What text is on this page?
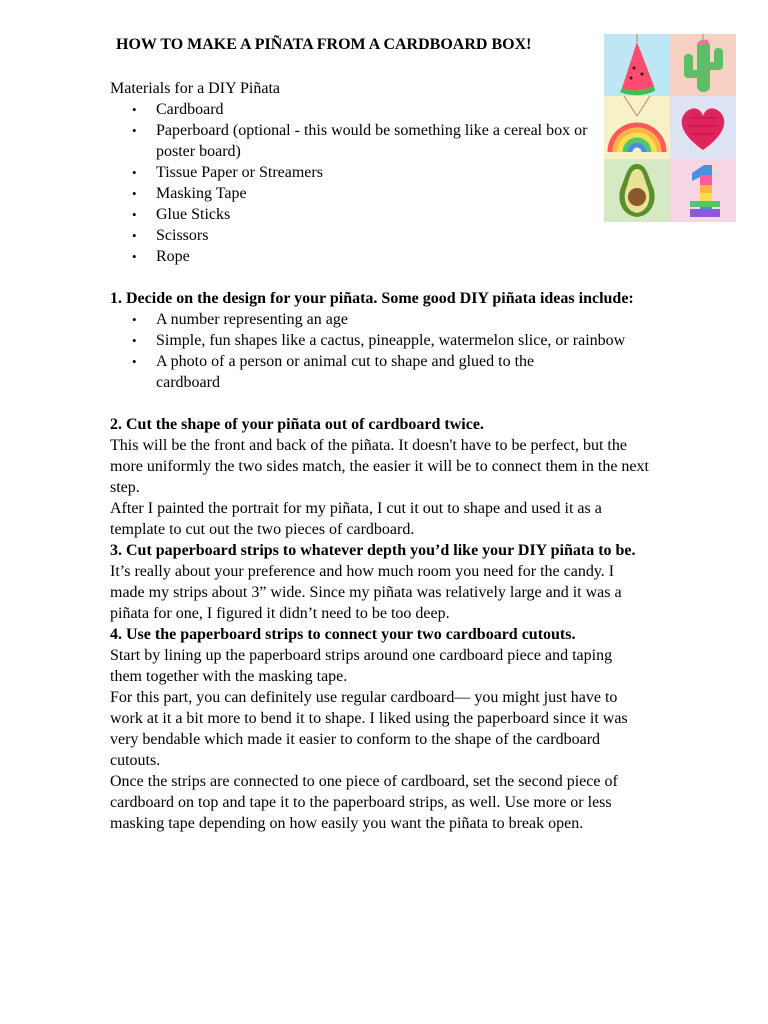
HOW TO MAKE A PIÑATA FROM A CARDBOARD BOX!

Materials for a DIY Piñata

• Cardboard
• Paperboard (optional - this would be something like a cereal box or poster board)
• Tissue Paper or Streamers
• Masking Tape
• Glue Sticks
• Scissors
• Rope

1. Decide on the design for your piñata. Some good DIY piñata ideas include:

• A number representing an age
• Simple, fun shapes like a cactus, pineapple, watermelon slice, or rainbow
• A photo of a person or animal cut to shape and glued to the cardboard

2. Cut the shape of your piñata out of cardboard twice.

This will be the front and back of the piñata. It doesn't have to be perfect, but the more uniformly the two sides match, the easier it will be to connect them in the next step.

After I painted the portrait for my piñata, I cut it out to shape and used it as a template to cut out the two pieces of cardboard.

3. Cut paperboard strips to whatever depth you’d like your DIY piñata to be.

It’s really about your preference and how much room you need for the candy. I made my strips about 3” wide. Since my piñata was relatively large and it was a piñata for one, I figured it didn’t need to be too deep.

4. Use the paperboard strips to connect your two cardboard cutouts.

Start by lining up the paperboard strips around one cardboard piece and taping them together with the masking tape.

For this part, you can definitely use regular cardboard— you might just have to work at it a bit more to bend it to shape. I liked using the paperboard since it was very bendable which made it easier to conform to the shape of the cardboard cutouts.

Once the strips are connected to one piece of cardboard, set the second piece of cardboard on top and tape it to the paperboard strips, as well. Use more or less masking tape depending on how easily you want the piñata to break open.
